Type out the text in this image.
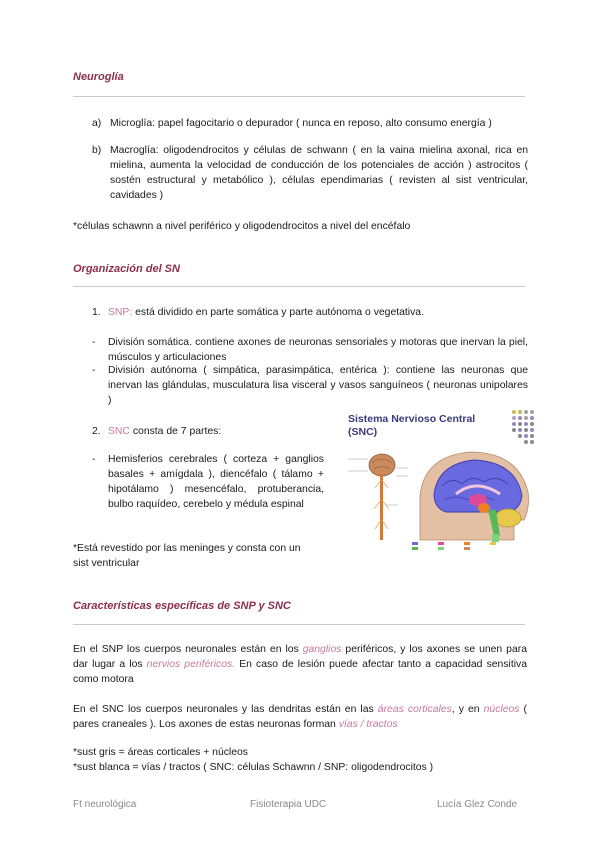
Neuroglía
a) Microglía: papel fagocitario o depurador ( nunca en reposo, alto consumo energía )
b) Macroglía: oligodendrocitos y células de schwann ( en la vaina mielina axonal, rica en mielina, aumenta la velocidad de conducción de los potenciales de acción ) astrocitos ( sostén estructural y metabólico ), células ependimarias ( revisten al sist ventricular, cavidades )
*células schawnn a nivel periférico y oligodendrocitos a nivel del encéfalo
Organización del SN
1. SNP: está dividido en parte somática y parte autónoma o vegetativa.
-	División somática. contiene axones de neuronas sensoriales y motoras que inervan la piel, músculos y articulaciones
-	División autónoma ( simpática, parasimpática, entérica ): contiene las neuronas que inervan las glándulas, musculatura lisa visceral y vasos sanguíneos ( neuronas unipolares )
2. SNC consta de 7 partes:
-	Hemisferios cerebrales ( corteza + ganglios basales + amígdala ), diencéfalo ( tálamo + hipotálamo ) mesencéfalo, protuberancia, bulbo raquídeo, cerebelo y médula espinal
*Está revestido por las meninges y consta con un sist ventricular
Sistema Nervioso Central
(SNC)
Características específicas de SNP y SNC
En el SNP los cuerpos neuronales están en los ganglios periféricos, y los axones se unen para dar lugar a los nervios periféricos. En caso de lesión puede afectar tanto a capacidad sensitiva como motora
En el SNC los cuerpos neuronales y las dendritas están en las áreas corticales, y en núcleos ( pares craneales ). Los axones de estas neuronas forman vías / tractos
*sust gris = áreas corticales + núcleos
*sust blanca = vías / tractos ( SNC: células Schawnn / SNP: oligodendrocitos )
Ft neurológica	Fisioterapia UDC	Lucía Glez Conde
